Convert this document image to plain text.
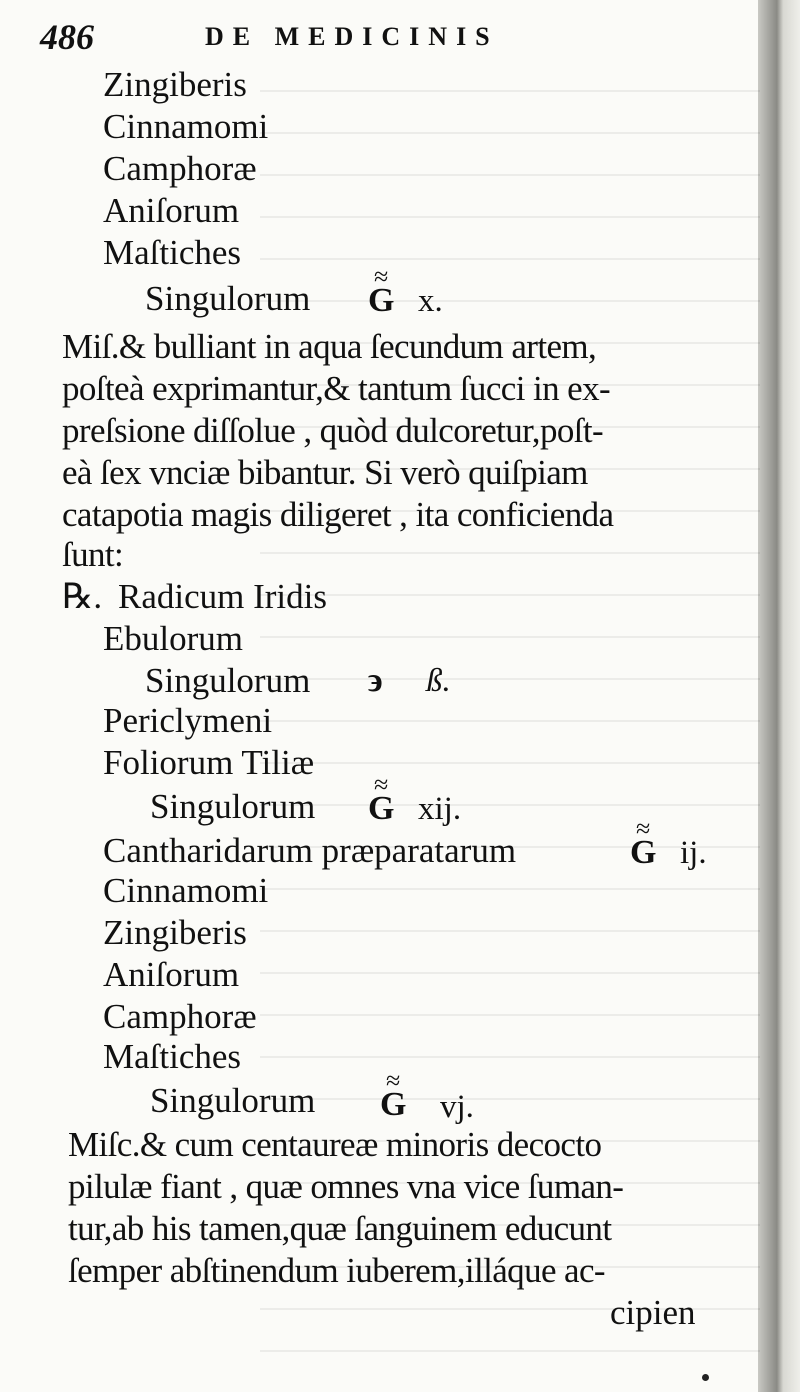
486	DE MEDICINIS
Zingiberis
Cinnamomi
Camphoræ
Aniſorum
Maſtiches
Singulorum ≈ G x.
Miſ.& bulliant in aqua ſecundum artem,
poſteà exprimantur,& tantum ſucci in ex-
preſsione diſſolue , quòd dulcoretur,poſt-
eà ſex vnciæ bibantur. Si verò quiſpiam
catapotia magis diligeret , ita conficienda
ſunt:
℞. Radicum Iridis
Ebulorum
Singulorum ϶ ß.
Periclymeni
Foliorum Tiliæ
Singulorum ≈ G xij.
Cantharidarum præparatarum	≈ G ij.
Cinnamomi
Zingiberis
Aniſorum
Camphoræ
Maſtiches
Singulorum ≈ G vj.
Miſc.& cum centaureæ minoris decocto
pilulæ fiant , quæ omnes vna vice ſuman-
tur,ab his tamen,quæ ſanguinem educunt
ſemper abſtinendum iuberem,illáque ac-
cipien
